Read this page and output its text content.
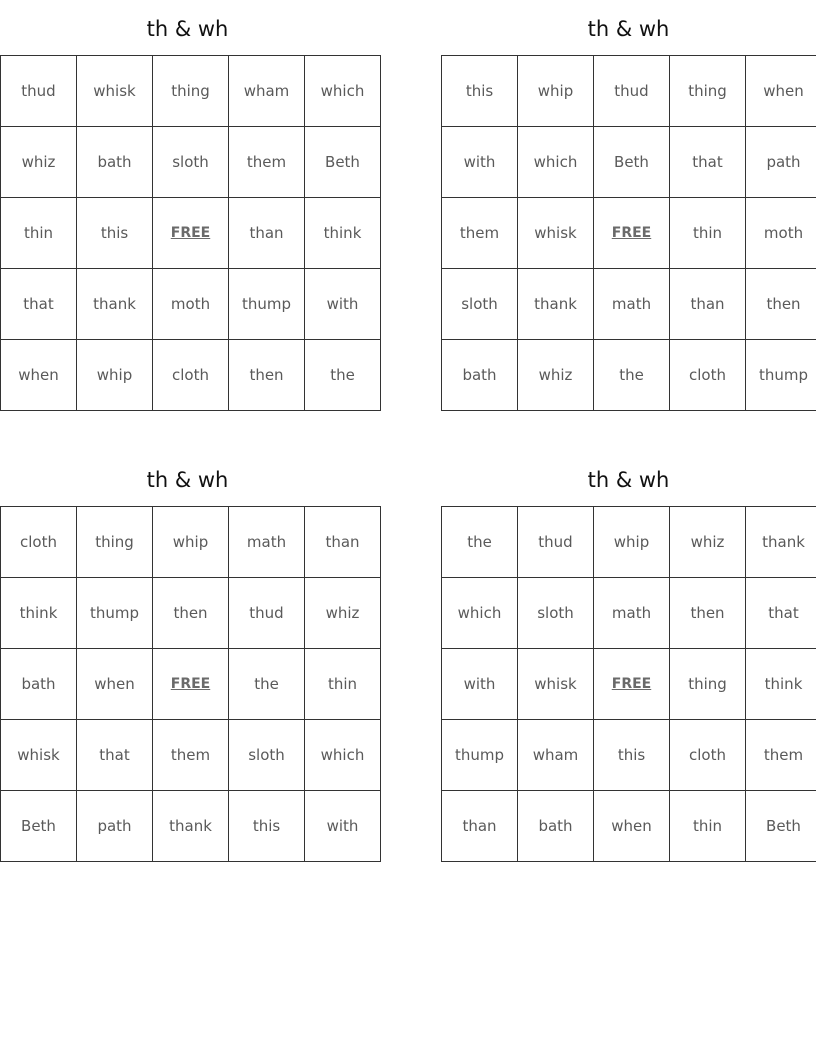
th & wh
thud	whisk	thing	wham	which
whiz	bath	sloth	them	Beth
thin	this	FREE	than	think
that	thank	moth	thump	with
when	whip	cloth	then	the
th & wh
this	whip	thud	thing	when
with	which	Beth	that	path
them	whisk	FREE	thin	moth
sloth	thank	math	than	then
bath	whiz	the	cloth	thump
th & wh
cloth	thing	whip	math	than
think	thump	then	thud	whiz
bath	when	FREE	the	thin
whisk	that	them	sloth	which
Beth	path	thank	this	with
th & wh
the	thud	whip	whiz	thank
which	sloth	math	then	that
with	whisk	FREE	thing	think
thump	wham	this	cloth	them
than	bath	when	thin	Beth
